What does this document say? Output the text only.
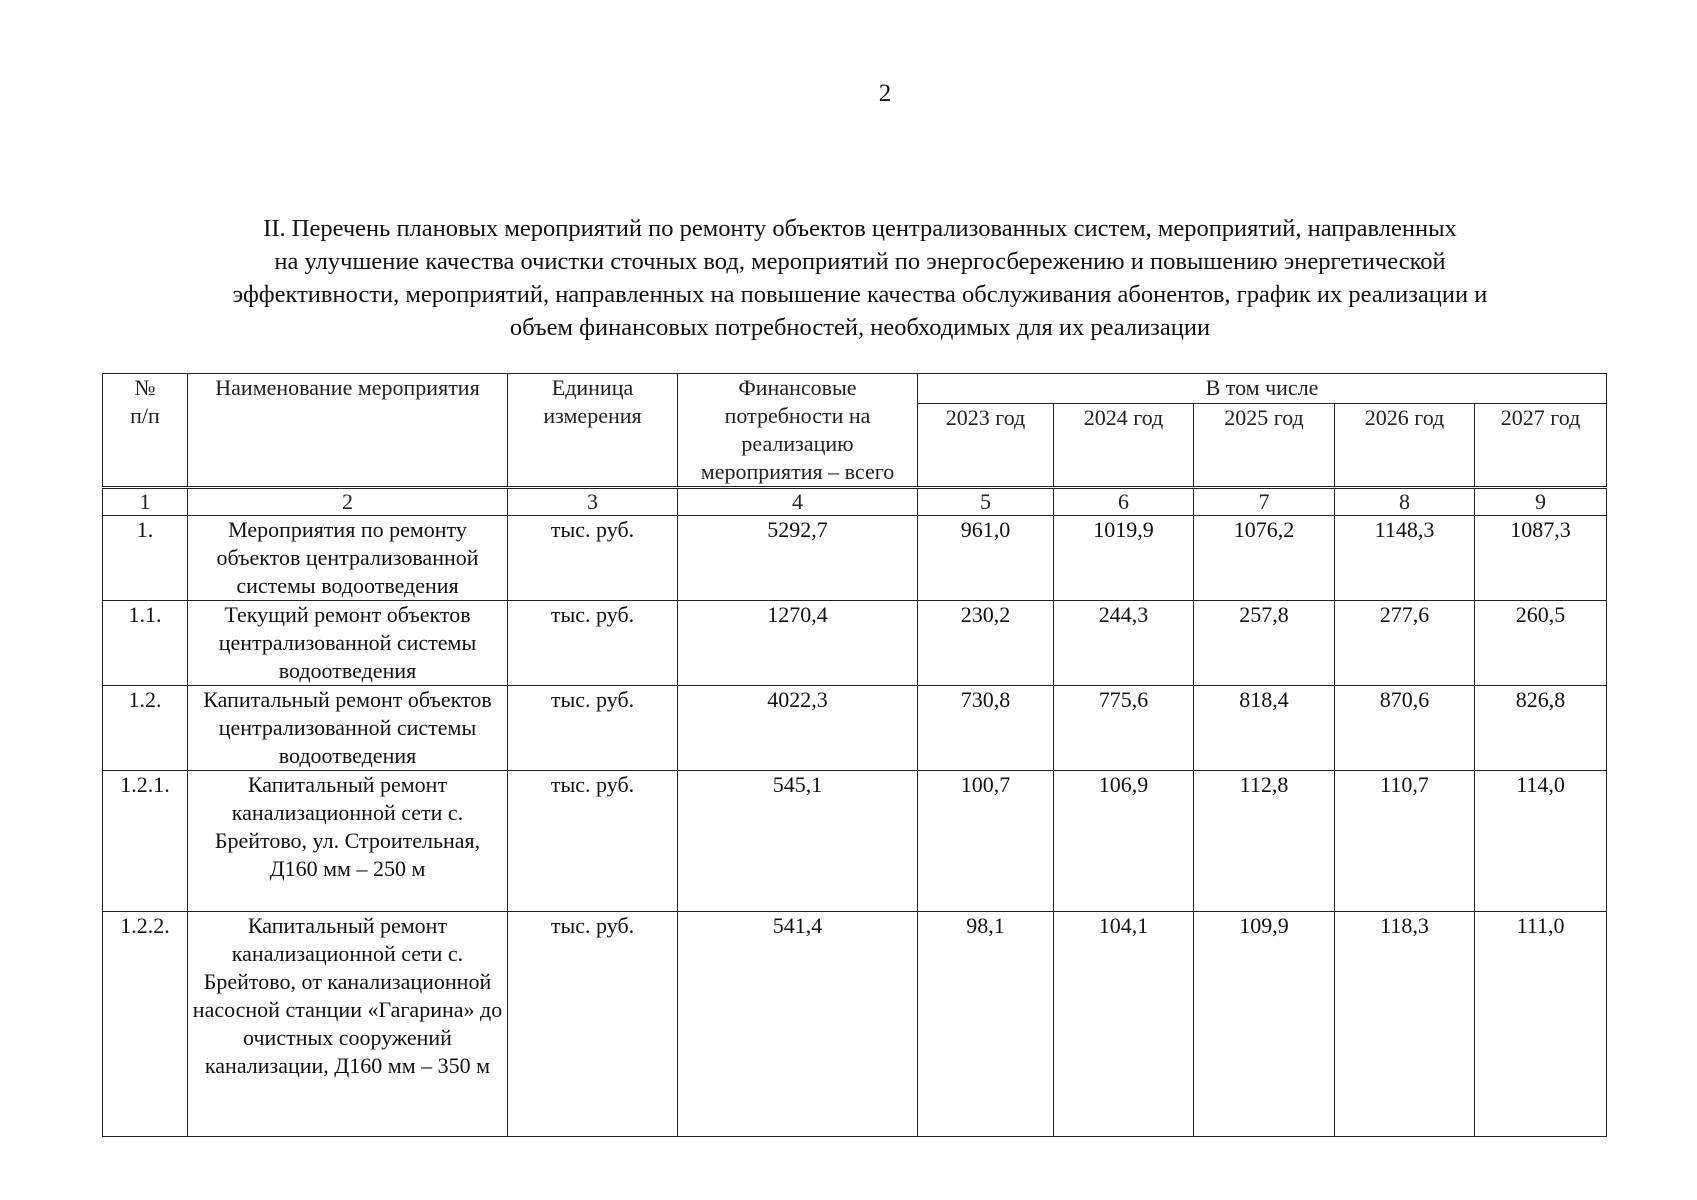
2
II. Перечень плановых мероприятий по ремонту объектов централизованных систем, мероприятий, направленных
на улучшение качества очистки сточных вод, мероприятий по энергосбережению и повышению энергетической
эффективности, мероприятий, направленных на повышение качества обслуживания абонентов, график их реализации и
объем финансовых потребностей, необходимых для их реализации
№ п/п	Наименование мероприятия	Единица измерения	Финансовые потребности на реализацию мероприятия – всего	В том числе				
				2023 год	2024 год	2025 год	2026 год	2027 год
1	2	3	4	5	6	7	8	9
1.	Мероприятия по ремонту объектов централизованной системы водоотведения	тыс. руб.	5292,7	961,0	1019,9	1076,2	1148,3	1087,3
1.1.	Текущий ремонт объектов централизованной системы водоотведения	тыс. руб.	1270,4	230,2	244,3	257,8	277,6	260,5
1.2.	Капитальный ремонт объектов централизованной системы водоотведения	тыс. руб.	4022,3	730,8	775,6	818,4	870,6	826,8
1.2.1.	Капитальный ремонт канализационной сети с. Брейтово, ул. Строительная, Д160 мм – 250 м	тыс. руб.	545,1	100,7	106,9	112,8	110,7	114,0
1.2.2.	Капитальный ремонт канализационной сети с. Брейтово, от канализационной насосной станции «Гагарина» до очистных сооружений канализации, Д160 мм – 350 м	тыс. руб.	541,4	98,1	104,1	109,9	118,3	111,0
